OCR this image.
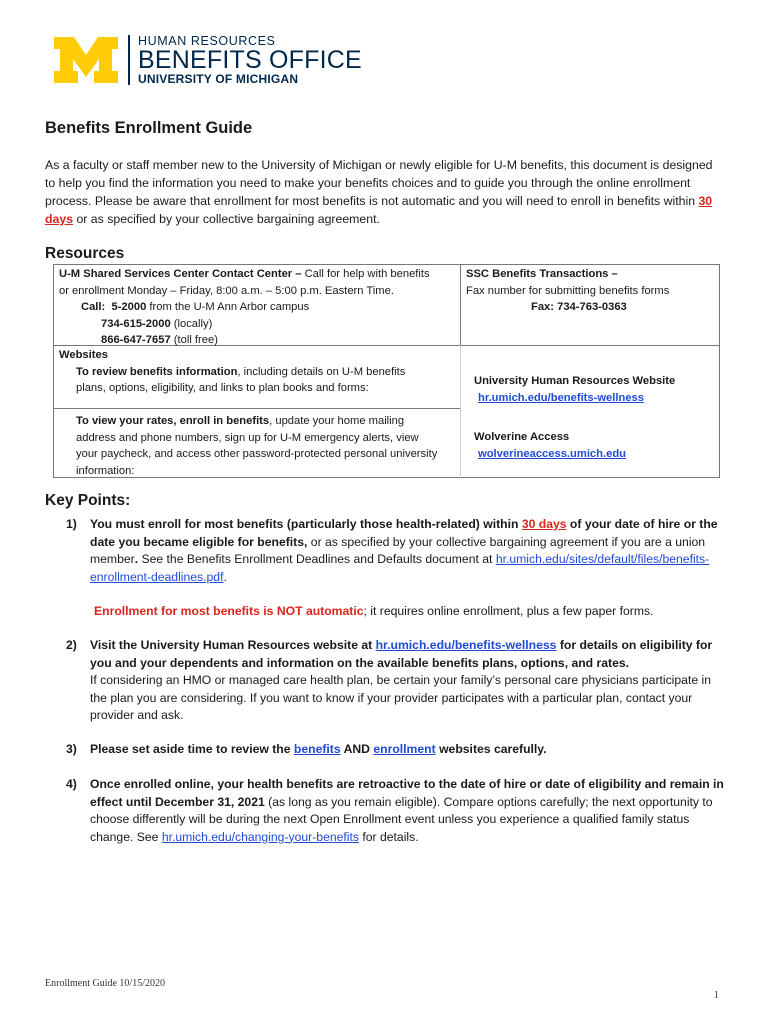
HUMAN RESOURCES
BENEFITS OFFICE
UNIVERSITY OF MICHIGAN
Benefits Enrollment Guide

As a faculty or staff member new to the University of Michigan or newly eligible for U-M benefits, this document is designed to help you find the information you need to make your benefits choices and to guide you through the online enrollment process. Please be aware that enrollment for most benefits is not automatic and you will need to enroll in benefits within 30 days or as specified by your collective bargaining agreement.

Resources
U-M Shared Services Center Contact Center – Call for help with benefits
or enrollment Monday – Friday, 8:00 a.m. – 5:00 p.m. Eastern Time.
Call: 5-2000 from the U-M Ann Arbor campus
734-615-2000 (locally)
866-647-7657 (toll free)
SSC Benefits Transactions –
Fax number for submitting benefits forms
Fax: 734-763-0363
Websites
To review benefits information, including details on U-M benefits
plans, options, eligibility, and links to plan books and forms:
University Human Resources Website
hr.umich.edu/benefits-wellness
To view your rates, enroll in benefits, update your home mailing
address and phone numbers, sign up for U-M emergency alerts, view
your paycheck, and access other password-protected personal university
information:
Wolverine Access
wolverineaccess.umich.edu
Key Points:
1) You must enroll for most benefits (particularly those health-related) within 30 days of your date of hire or the date you became eligible for benefits, or as specified by your collective bargaining agreement if you are a union member. See the Benefits Enrollment Deadlines and Defaults document at hr.umich.edu/sites/default/files/benefits-enrollment-deadlines.pdf.
Enrollment for most benefits is NOT automatic; it requires online enrollment, plus a few paper forms.
2) Visit the University Human Resources website at hr.umich.edu/benefits-wellness for details on eligibility for you and your dependents and information on the available benefits plans, options, and rates.
If considering an HMO or managed care health plan, be certain your family’s personal care physicians participate in the plan you are considering. If you want to know if your provider participates with a particular plan, contact your provider and ask.
3) Please set aside time to review the benefits AND enrollment websites carefully.
4) Once enrolled online, your health benefits are retroactive to the date of hire or date of eligibility and remain in effect until December 31, 2021 (as long as you remain eligible). Compare options carefully; the next opportunity to choose differently will be during the next Open Enrollment event unless you experience a qualified family status change. See hr.umich.edu/changing-your-benefits for details.
Enrollment Guide 10/15/2020
1
